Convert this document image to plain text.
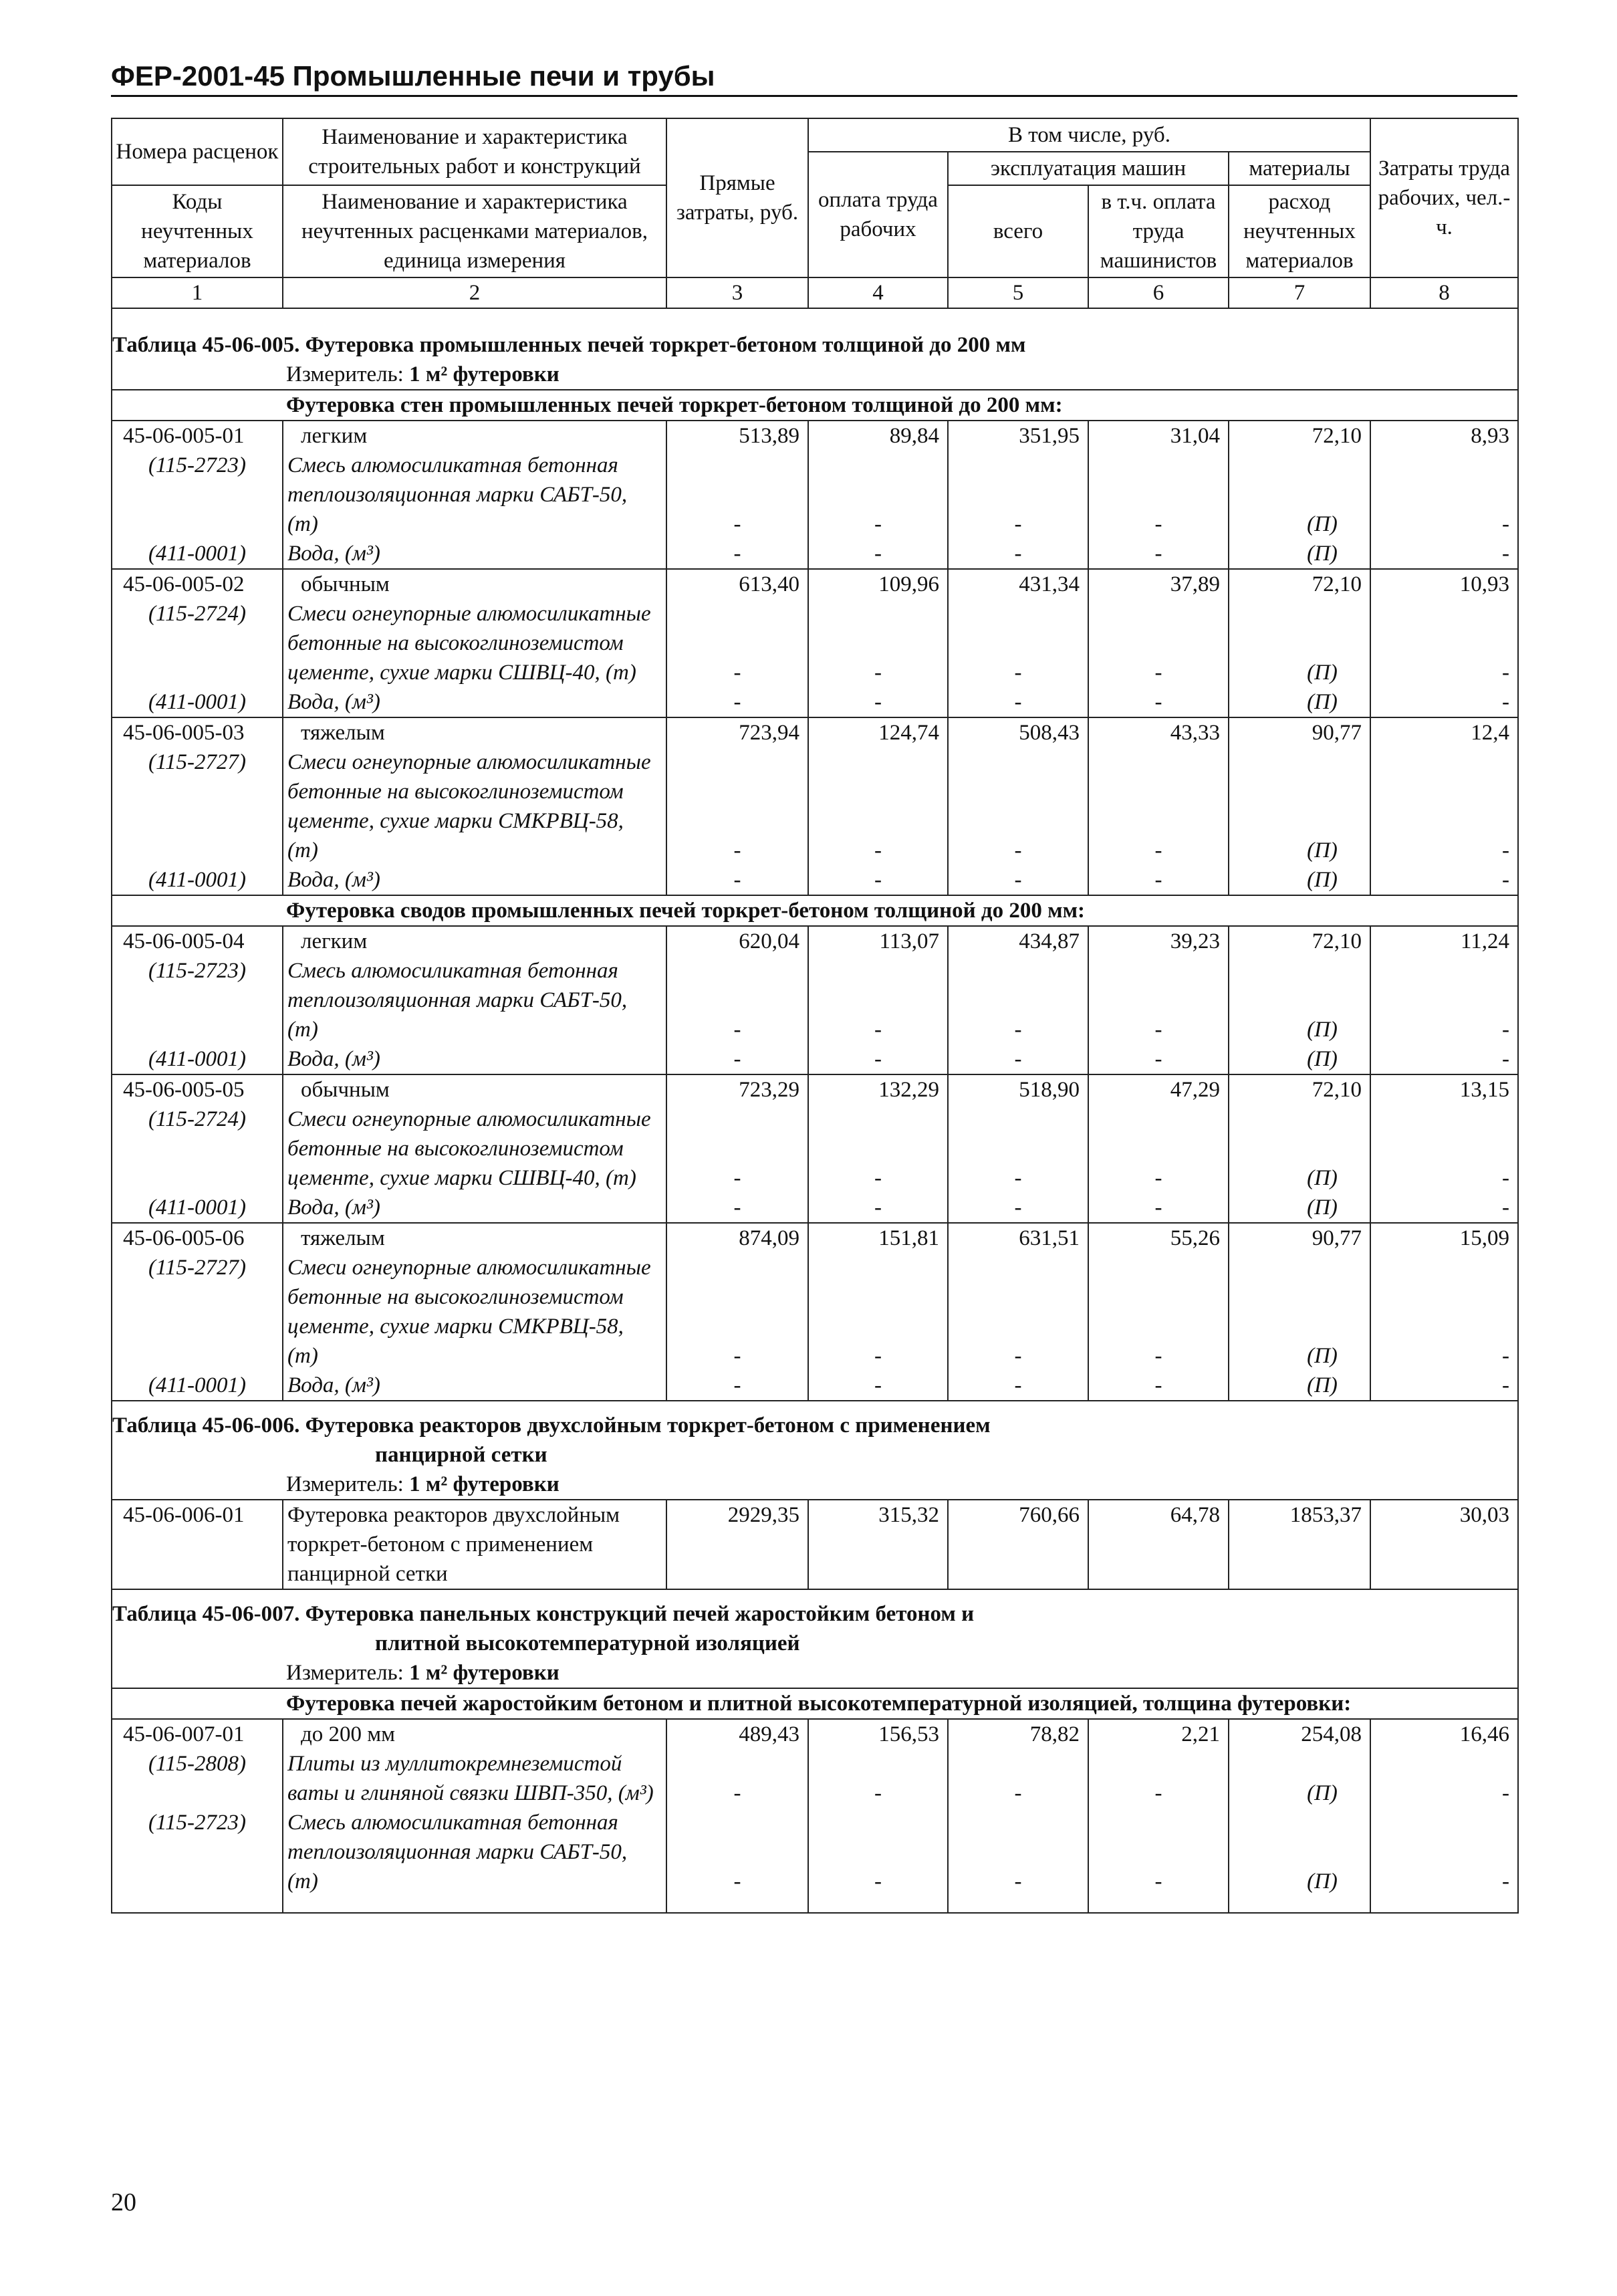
ФЕР-2001-45 Промышленные печи и трубы
Номера расценок	Наименование и характеристика строительных работ и конструкций	Прямые затраты, руб.	В том числе, руб.				Затраты труда рабочих, чел.-ч.
			оплата труда рабочих	эксплуатация машин		материалы	
Коды неучтенных материалов	Наименование и характеристика неучтенных расценками материалов, единица измерения			всего	в т.ч. оплата труда машинистов	расход неучтенных материалов	

1	2	3	4	5	6	7	8

Таблица 45-06-005. Футеровка промышленных печей торкрет-бетоном толщиной до 200 мм							
Измеритель: 1 м² футеровки							
Футеровка стен промышленных печей торкрет-бетоном толщиной до 200 мм:							
45-06-005-01	легким	513,89	89,84	351,95	31,04	72,10	8,93
(115-2723)	Смесь алюмосиликатная бетонная теплоизоляционная марки САБТ-50, (т)	-	-	-	-	(П)	-
(411-0001)	Вода, (м³)	-	-	-	-	(П)	-
45-06-005-02	обычным	613,40	109,96	431,34	37,89	72,10	10,93
(115-2724)	Смеси огнеупорные алюмосиликатные бетонные на высокоглиноземистом цементе, сухие марки СШВЦ-40, (т)	-	-	-	-	(П)	-
(411-0001)	Вода, (м³)	-	-	-	-	(П)	-
45-06-005-03	тяжелым	723,94	124,74	508,43	43,33	90,77	12,4
(115-2727)	Смеси огнеупорные алюмосиликатные бетонные на высокоглиноземистом цементе, сухие марки СМКРВЦ-58, (т)	-	-	-	-	(П)	-
(411-0001)	Вода, (м³)	-	-	-	-	(П)	-
Футеровка сводов промышленных печей торкрет-бетоном толщиной до 200 мм:							
45-06-005-04	легким	620,04	113,07	434,87	39,23	72,10	11,24
(115-2723)	Смесь алюмосиликатная бетонная теплоизоляционная марки САБТ-50, (т)	-	-	-	-	(П)	-
(411-0001)	Вода, (м³)	-	-	-	-	(П)	-
45-06-005-05	обычным	723,29	132,29	518,90	47,29	72,10	13,15
(115-2724)	Смеси огнеупорные алюмосиликатные бетонные на высокоглиноземистом цементе, сухие марки СШВЦ-40, (т)	-	-	-	-	(П)	-
(411-0001)	Вода, (м³)	-	-	-	-	(П)	-
45-06-005-06	тяжелым	874,09	151,81	631,51	55,26	90,77	15,09
(115-2727)	Смеси огнеупорные алюмосиликатные бетонные на высокоглиноземистом цементе, сухие марки СМКРВЦ-58, (т)	-	-	-	-	(П)	-
(411-0001)	Вода, (м³)	-	-	-	-	(П)	-
Таблица 45-06-006. Футеровка реакторов двухслойным торкрет-бетоном с применением
панцирной сетки							

Измеритель: 1 м² футеровки							
45-06-006-01	Футеровка реакторов двухслойным торкрет-бетоном с применением панцирной сетки	2929,35	315,32	760,66	64,78	1853,37	30,03
Таблица 45-06-007. Футеровка панельных конструкций печей жаростойким бетоном и
плитной высокотемпературной изоляцией							

Измеритель: 1 м² футеровки							
Футеровка печей жаростойким бетоном и плитной высокотемпературной изоляцией, толщина футеровки:							
45-06-007-01	до 200 мм	489,43	156,53	78,82	2,21	254,08	16,46
(115-2808)	Плиты из муллитокремнеземистой ваты и глиняной связки ШВП-350, (м³)	-	-	-	-	(П)	-
(115-2723)	Смесь алюмосиликатная бетонная теплоизоляционная марки САБТ-50, (т)	-	-	-	-	(П)	-

20
